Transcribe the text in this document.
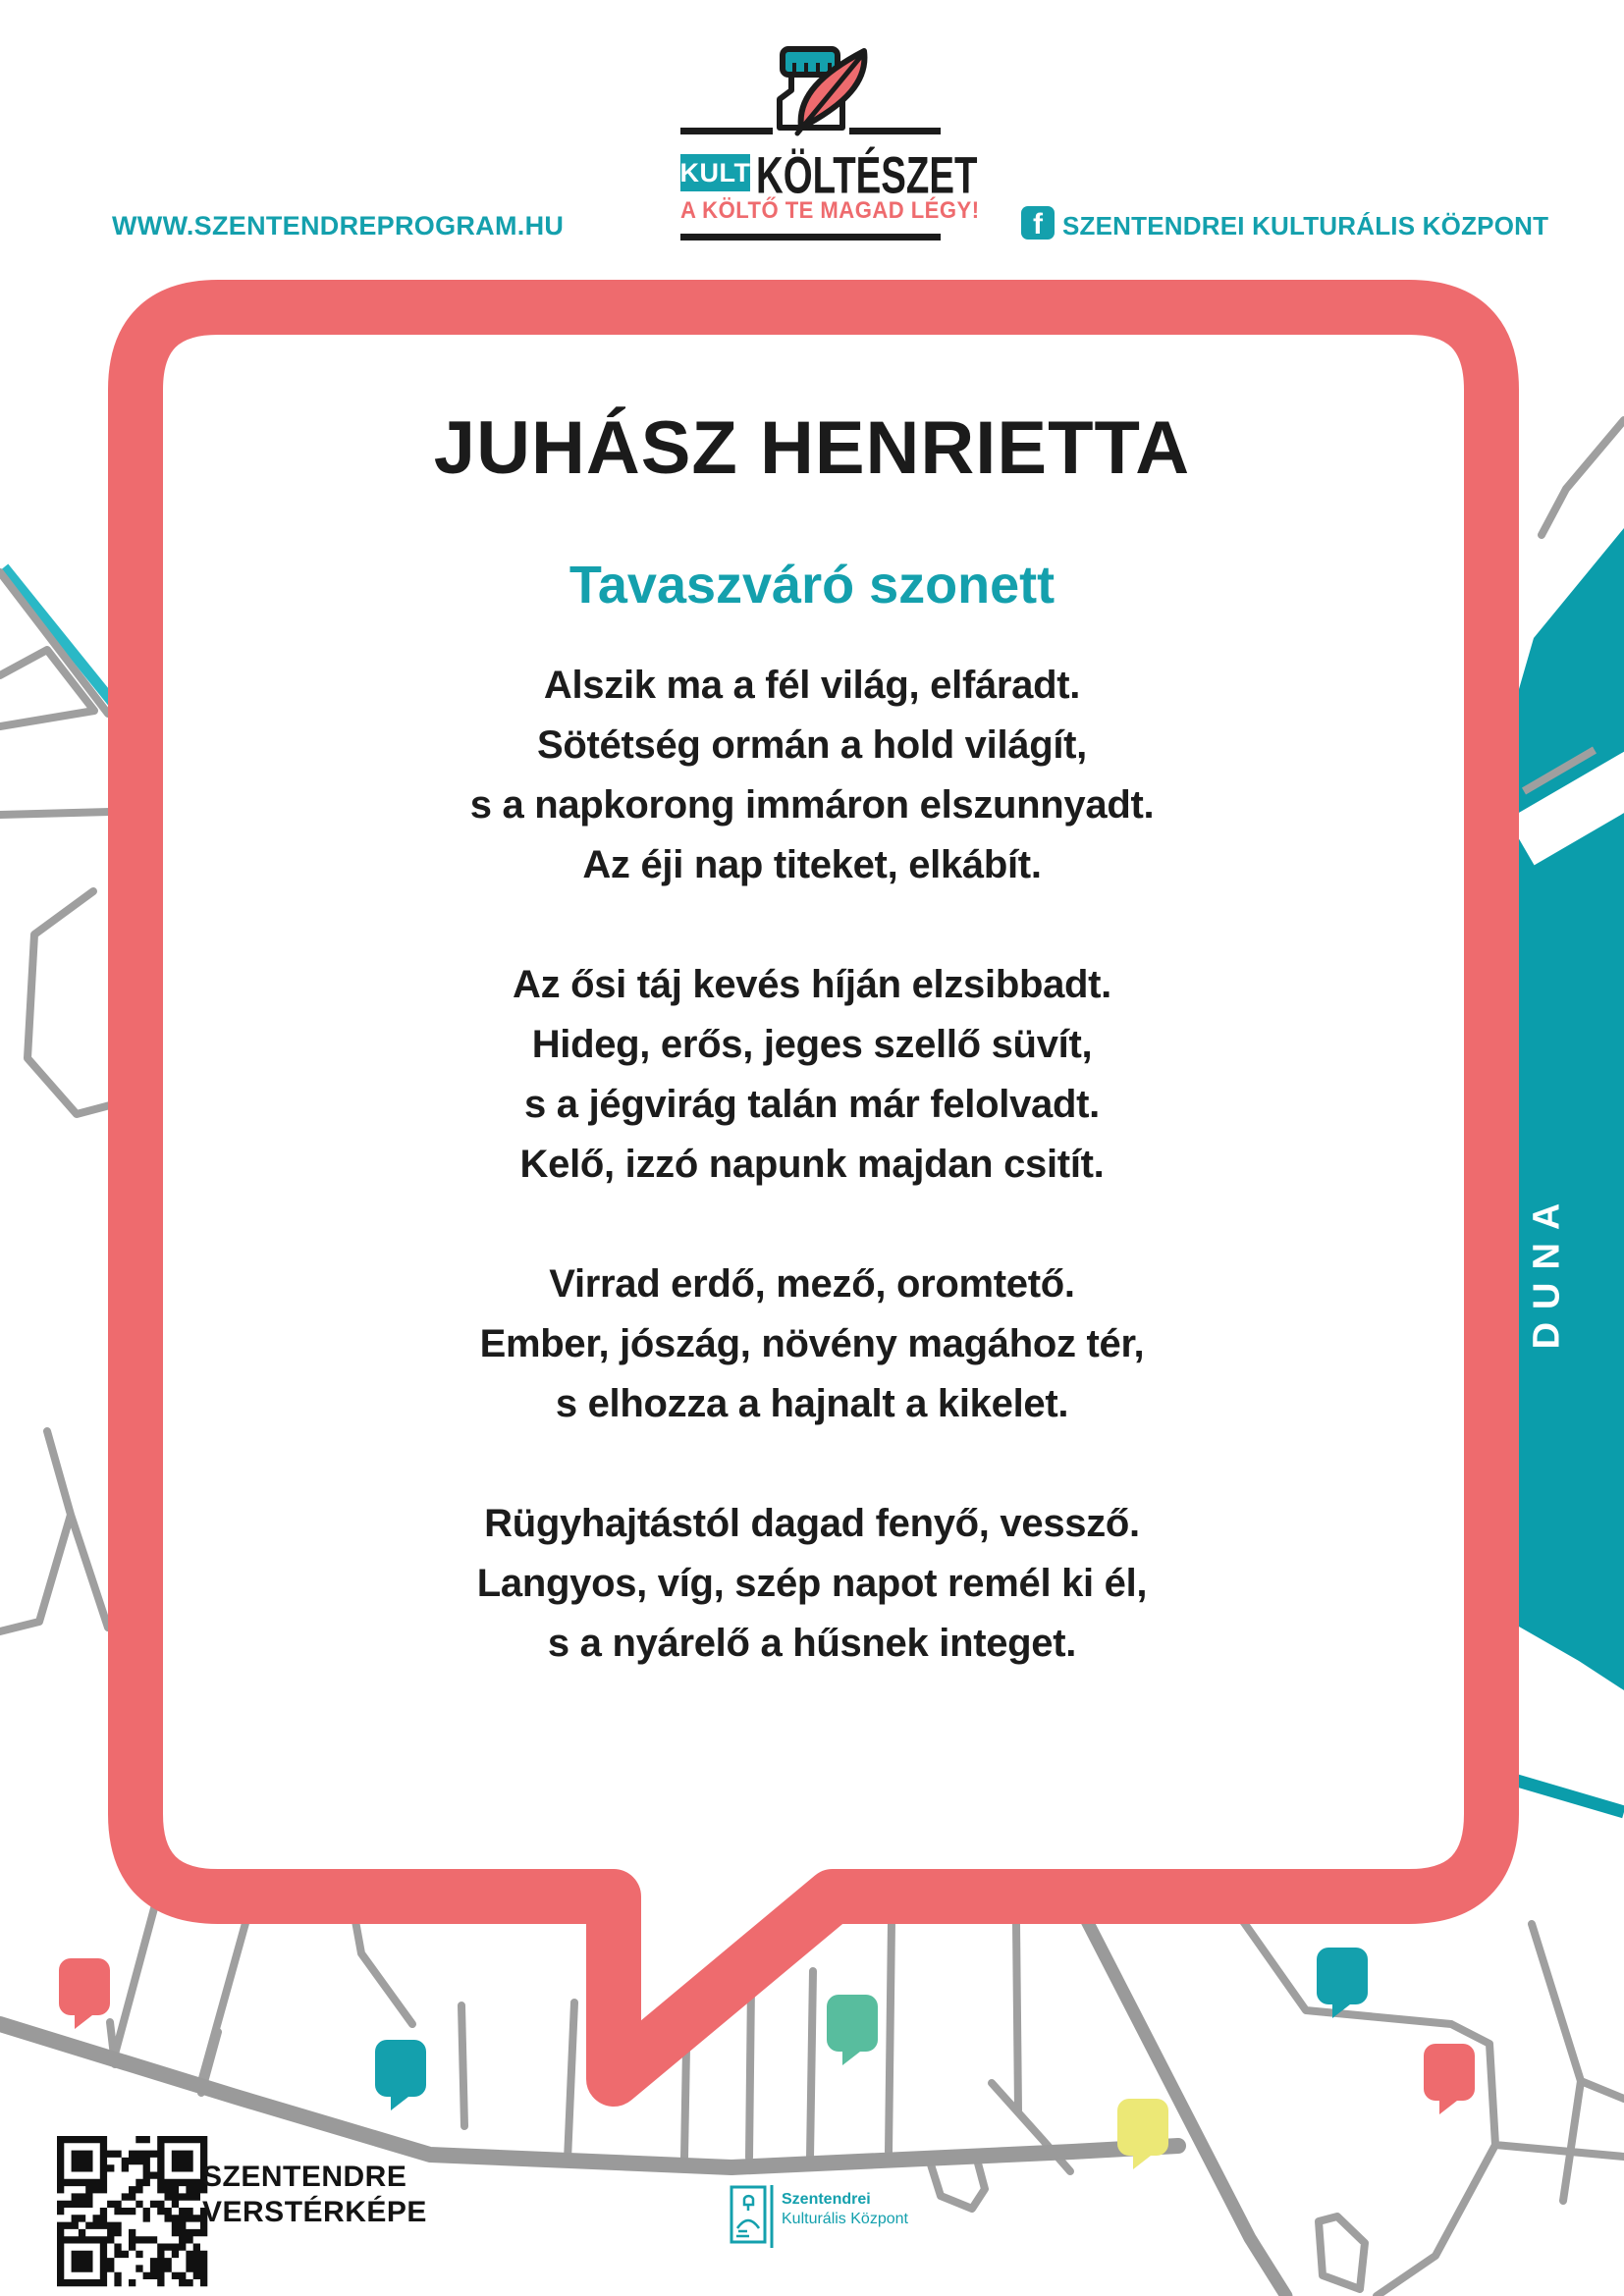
WWW.SZENTENDREPROGRAM.HU	f SZENTENDREI KULTURÁLIS KÖZPONT
KULT KÖLTÉSZET
A KÖLTŐ TE MAGAD LÉGY!
JUHÁSZ HENRIETTA
Tavaszváró szonett
Alszik ma a fél világ, elfáradt.
Sötétség ormán a hold világít,
s a napkorong immáron elszunnyadt.
Az éji nap titeket, elkábít.
Az ősi táj kevés híján elzsibbadt.
Hideg, erős, jeges szellő süvít,
s a jégvirág talán már felolvadt.
Kelő, izzó napunk majdan csitít.
Virrad erdő, mező, oromtető.
Ember, jószág, növény magához tér,
s elhozza a hajnalt a kikelet.
Rügyhajtástól dagad fenyő, vessző.
Langyos, víg, szép napot remél ki él,
s a nyárelő a hűsnek integet.
DUNA
SZENTENDRE
VERSTÉRKÉPE	Szentendrei
Kulturális Központ
